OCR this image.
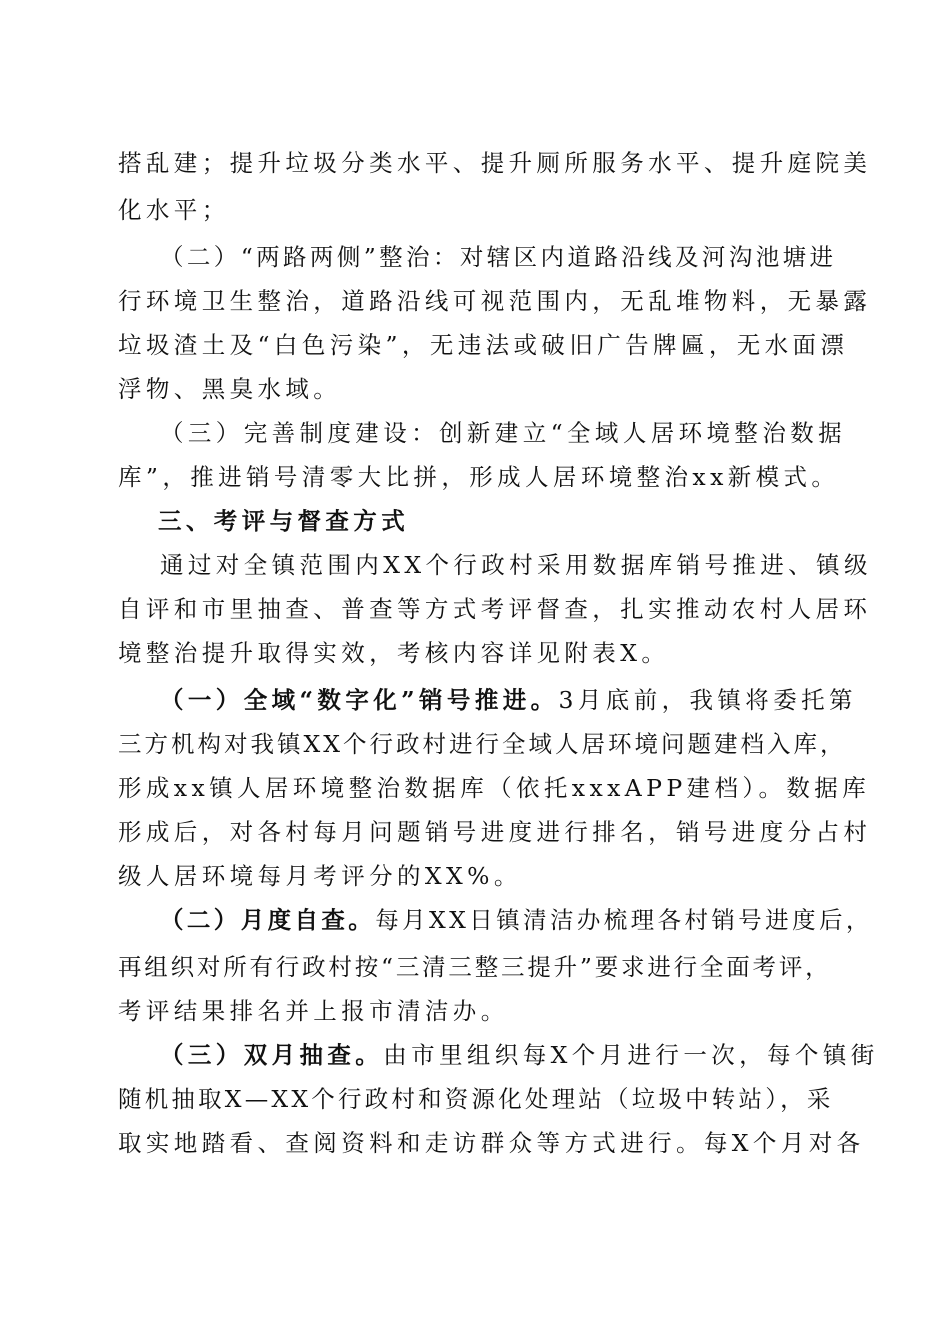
搭乱建；提升垃圾分类水平、提升厕所服务水平、提升庭院美
化水平；
（二）“两路两侧”整治：对辖区内道路沿线及河沟池塘进
行环境卫生整治，道路沿线可视范围内，无乱堆物料，无暴露
垃圾渣土及“白色污染”，无违法或破旧广告牌匾，无水面漂
浮物、黑臭水域。
（三）完善制度建设：创新建立“全域人居环境整治数据
库”，推进销号清零大比拼，形成人居环境整治xx新模式。
三、考评与督查方式
通过对全镇范围内XX个行政村采用数据库销号推进、镇级
自评和市里抽查、普查等方式考评督查，扎实推动农村人居环
境整治提升取得实效，考核内容详见附表X。
（一）全域“数字化”销号推进。3月底前，我镇将委托第
三方机构对我镇XX个行政村进行全域人居环境问题建档入库，
形成xx镇人居环境整治数据库（依托xxxAPP建档）。数据库
形成后，对各村每月问题销号进度进行排名，销号进度分占村
级人居环境每月考评分的XX%。
（二）月度自查。每月XX日镇清洁办梳理各村销号进度后，
再组织对所有行政村按“三清三整三提升”要求进行全面考评，
考评结果排名并上报市清洁办。
（三）双月抽查。由市里组织每X个月进行一次，每个镇街
随机抽取X—XX个行政村和资源化处理站（垃圾中转站），采
取实地踏看、查阅资料和走访群众等方式进行。每X个月对各
